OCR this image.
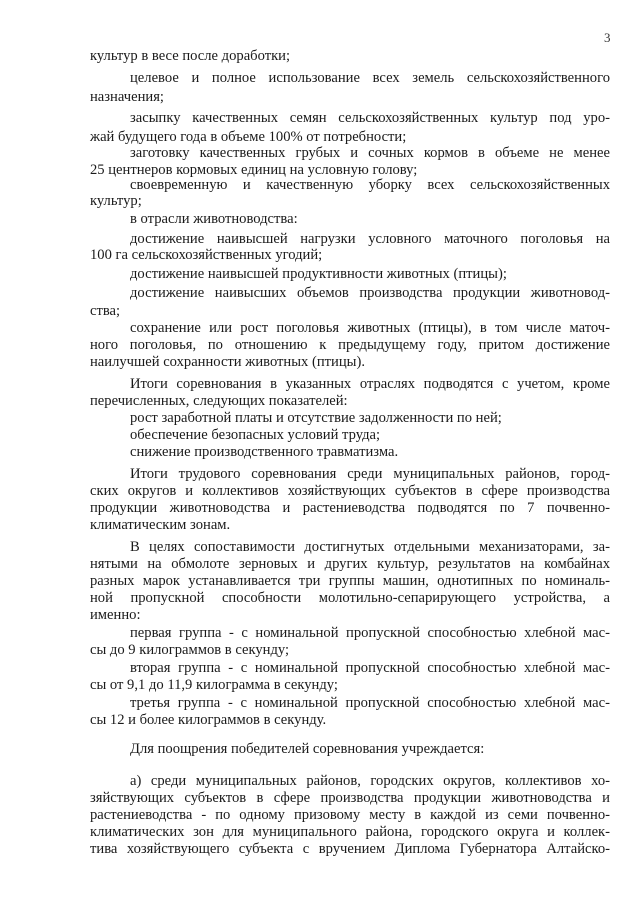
3

культур в весе после доработки;

целевое и полное использование всех земель сельскохозяйственного

назначения;

засыпку качественных семян сельскохозяйственных культур под уро-

жай будущего года в объеме 100% от потребности;

заготовку качественных грубых и сочных кормов в объеме не менее

25 центнеров кормовых единиц на условную голову;

своевременную и качественную уборку всех сельскохозяйственных

культур;

в отрасли животноводства:

достижение наивысшей нагрузки условного маточного поголовья на

100 га сельскохозяйственных угодий;

достижение наивысшей продуктивности животных (птицы);

достижение наивысших объемов производства продукции животновод-

ства;

сохранение или рост поголовья животных (птицы), в том числе маточ-

ного поголовья, по отношению к предыдущему году, притом достижение

наилучшей сохранности животных (птицы).

Итоги соревнования в указанных отраслях подводятся с учетом, кроме

перечисленных, следующих показателей:

рост заработной платы и отсутствие задолженности по ней;

обеспечение безопасных условий труда;

снижение производственного травматизма.

Итоги трудового соревнования среди муниципальных районов, город-

ских округов и коллективов хозяйствующих субъектов в сфере производства

продукции животноводства и растениеводства подводятся по 7 почвенно-

климатическим зонам.

В целях сопоставимости достигнутых отдельными механизаторами, за-

нятыми на обмолоте зерновых и других культур, результатов на комбайнах

разных марок устанавливается три группы машин, однотипных по номиналь-

ной пропускной способности молотильно-сепарирующего устройства, а

именно:

первая группа - с номинальной пропускной способностью хлебной мас-

сы до 9 килограммов в секунду;

вторая группа - с номинальной пропускной способностью хлебной мас-

сы от 9,1 до 11,9 килограмма в секунду;

третья группа - с номинальной пропускной способностью хлебной мас-

сы 12 и более килограммов в секунду.

Для поощрения победителей соревнования учреждается:

а) среди муниципальных районов, городских округов, коллективов хо-

зяйствующих субъектов в сфере производства продукции животноводства и

растениеводства - по одному призовому месту в каждой из семи почвенно-

климатических зон для муниципального района, городского округа и коллек-

тива хозяйствующего субъекта с вручением Диплома Губернатора Алтайско-
